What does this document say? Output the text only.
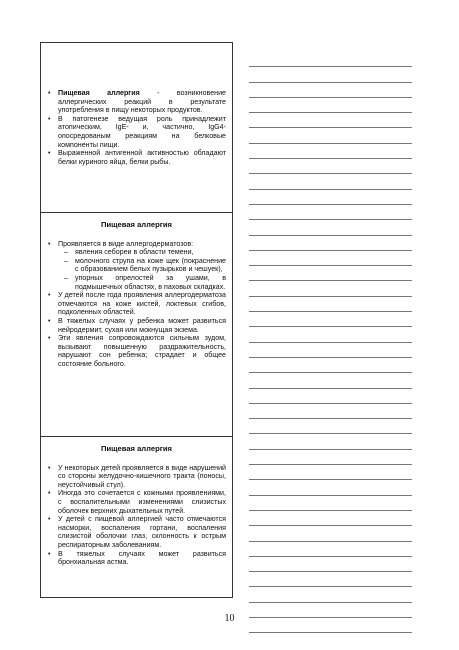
• Пищевая аллергия - возникновение аллергических реакций в результате употребления в пищу некоторых продуктов.
• В патогенезе ведущая роль принадлежит атопическим, IgE- и, частично, IgG4-опосредованым реакциям на белковые компоненты пищи.
• Выраженной антигенной активностью обладают белки куриного яйца, белки рыбы.
Пищевая аллергия
• Проявляется в виде аллергодерматозов:
– явления себореи в области темени,
– молочного струпа на коже щек (покраснение с образованием белых пузырьков и чешуек),
– упорных опрелостей за ушами, в подмышечных областях, в паховых складках.
• У детей после года проявления аллергодерматоза отмечаются на коже кистей, локтевых сгибов, подколенных областей.
• В тяжелых случаях у ребенка может развиться нейродермит, сухая или мокнущая экзема.
• Эти явления сопровождаются сильным зудом, вызывают повышенную раздражительность, нарушают сон ребенка; страдает и общее состояние больного.
Пищевая аллергия
• У некоторых детей проявляется в виде нарушений со стороны желудочно-кишечного тракта (поносы, неустойчивый стул).
• Иногда это сочетается с кожными проявлениями, с воспалительными изменениями слизистых оболочек верхних дыхательных путей.
• У детей с пищевой аллергией часто отмечаются насморки, воспаления гортани, воспаления слизистой оболочки глаз, склонность к острым респираторным заболеваниям.
• В тяжелых случаях может развиться бронхиальная астма.
10
